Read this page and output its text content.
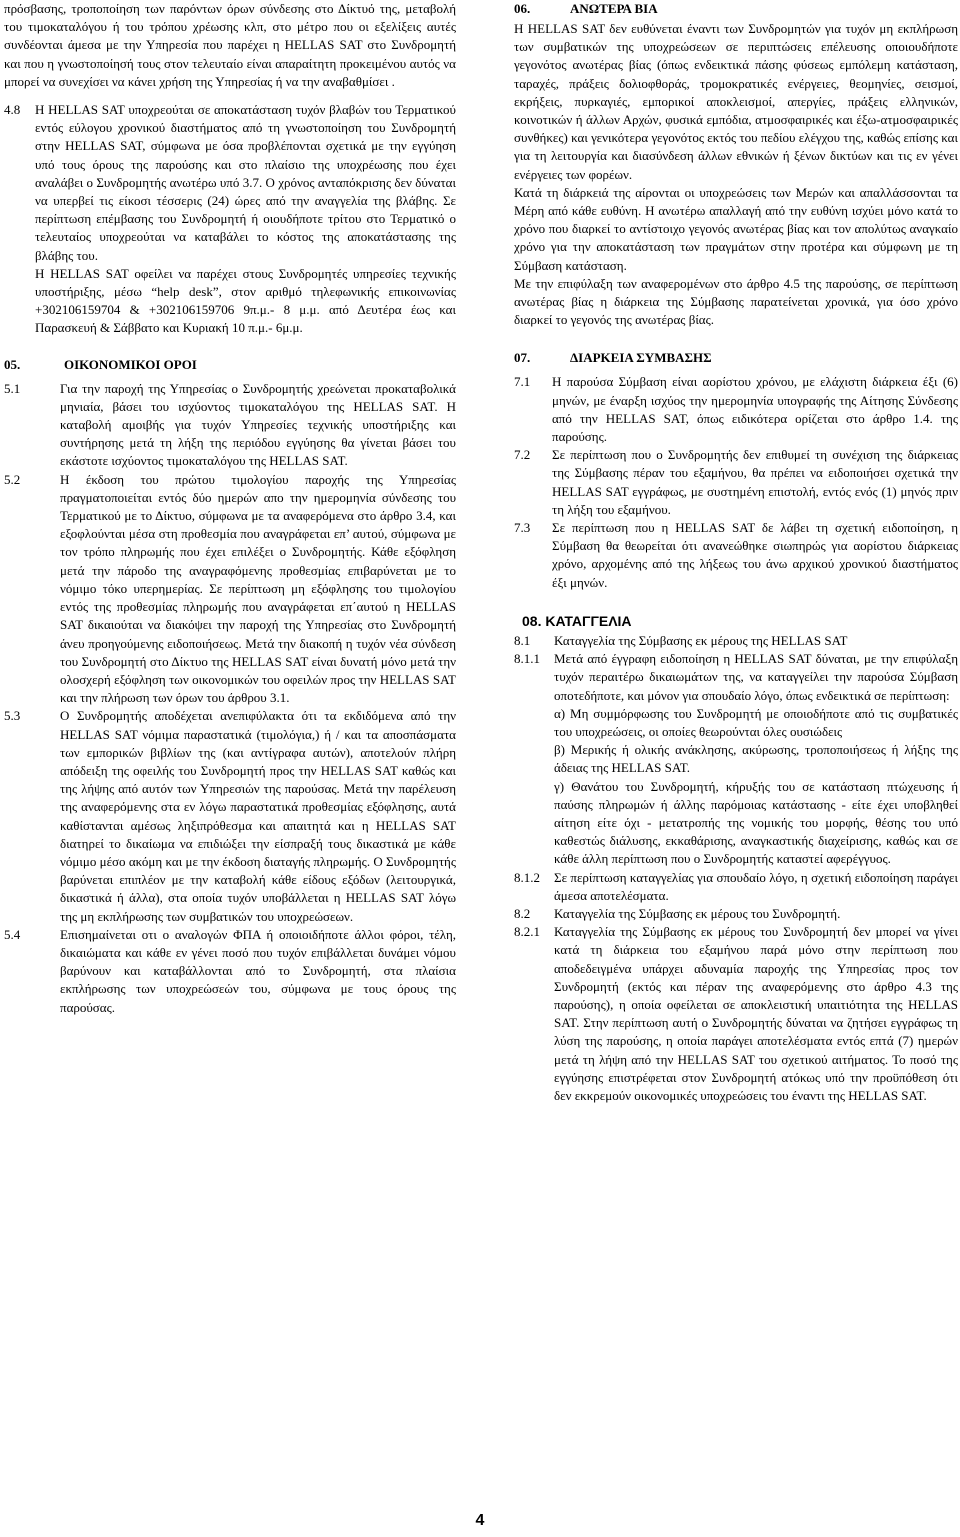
πρόσβασης, τροποποίηση των παρόντων όρων σύνδεσης στο Δίκτυό της, μεταβολή του τιμοκαταλόγου ή του τρόπου χρέωσης κλπ, στο μέτρο που οι εξελίξεις αυτές συνδέονται άμεσα με την Υπηρεσία που παρέχει η HELLAS SAT στο Συνδρομητή και που η γνωστοποίησή τους στον τελευταίο είναι απαραίτητη προκειμένου αυτός να μπορεί να συνεχίσει να κάνει χρήση της Υπηρεσίας ή να την αναβαθμίσει .

4.8 Η HELLAS SAT υποχρεούται σε αποκατάσταση τυχόν βλαβών του Τερματικού εντός εύλογου χρονικού διαστήματος από τη γνωστοποίηση του Συνδρομητή στην HELLAS SAT, σύμφωνα με όσα προβλέπονται σχετικά με την εγγύηση υπό τους όρους της παρούσης και στο πλαίσιο της υποχρέωσης που έχει αναλάβει ο Συνδρομητής ανωτέρω υπό 3.7. Ο χρόνος ανταπόκρισης δεν δύναται να υπερβεί τις είκοσι τέσσερις (24) ώρες από την αναγγελία της βλάβης. Σε περίπτωση επέμβασης του Συνδρομητή ή οιουδήποτε τρίτου στο Τερματικό ο τελευταίος υποχρεούται να καταβάλει το κόστος της αποκατάστασης της βλάβης του.

Η HELLAS SAT οφείλει να παρέχει στους Συνδρομητές υπηρεσίες τεχνικής υποστήριξης, μέσω “help desk”, στον αριθμό τηλεφωνικής επικοινωνίας +302106159704 & +302106159706 9π.μ.- 8 μ.μ. από Δευτέρα έως και Παρασκευή & Σάββατο και Κυριακή 10 π.μ.- 6μ.μ.

05.	ΟΙΚΟΝΟΜΙΚΟΙ ΟΡΟΙ
5.1	Για την παροχή της Υπηρεσίας ο Συνδρομητής χρεώνεται προκαταβολικά μηνιαία, βάσει του ισχύοντος τιμοκαταλόγου της HELLAS SAT. Η καταβολή αμοιβής για τυχόν Υπηρεσίες τεχνικής υποστήριξης και συντήρησης μετά τη λήξη της περιόδου εγγύησης θα γίνεται βάσει του εκάστοτε ισχύοντος τιμοκαταλόγου της HELLAS SAT.

5.2	Η έκδοση του πρώτου τιμολογίου παροχής της Υπηρεσίας πραγματοποιείται εντός δύο ημερών απο την ημερομηνία σύνδεσης του Τερματικού με το Δίκτυο, σύμφωνα με τα αναφερόμενα στο άρθρο 3.4, και εξοφλούνται μέσα στη προθεσμία που αναγράφεται επ’ αυτού, σύμφωνα με τον τρόπο πληρωμής που έχει επιλέξει ο Συνδρομητής. Κάθε εξόφληση μετά την πάροδο της αναγραφόμενης προθεσμίας επιβαρύνεται με το νόμιμο τόκο υπερημερίας. Σε περίπτωση μη εξόφλησης του τιμολογίου εντός της προθεσμίας πληρωμής που αναγράφεται επ΄αυτού η HELLAS SAT δικαιούται να διακόψει την παροχή της Υπηρεσίας στο Συνδρομητή άνευ προηγούμενης ειδοποιήσεως. Μετά την διακοπή η τυχόν νέα σύνδεση του Συνδρομητή στο Δίκτυο της HELLAS SAT είναι δυνατή μόνο μετά την ολοσχερή εξόφληση των οικονομικών του οφειλών προς την HELLAS SAT και την πλήρωση των όρων του άρθρου 3.1.

5.3	Ο Συνδρομητής αποδέχεται ανεπιφύλακτα ότι τα εκδιδόμενα από την HELLAS SAT νόμιμα παραστατικά (τιμολόγια,) ή / και τα αποσπάσματα των εμπορικών βιβλίων της (και αντίγραφα αυτών), αποτελούν πλήρη απόδειξη της οφειλής του Συνδρομητή προς την HELLAS SAT καθώς και της λήψης από αυτόν των Υπηρεσιών της παρούσας. Μετά την παρέλευση της αναφερόμενης στα εν λόγω παραστατικά προθεσμίας εξόφλησης, αυτά καθίστανται αμέσως ληξιπρόθεσμα και απαιτητά και η HELLAS SAT διατηρεί το δικαίωμα να επιδιώξει την είσπραξή τους δικαστικά με κάθε νόμιμο μέσο ακόμη και με την έκδοση διαταγής πληρωμής. Ο Συνδρομητής βαρύνεται επιπλέον με την καταβολή κάθε είδους εξόδων (λειτουργικά, δικαστικά ή άλλα), στα οποία τυχόν υποβάλλεται η HELLAS SAT λόγω της μη εκπλήρωσης των συμβατικών του υποχρεώσεων.

5.4	Επισημαίνεται οτι ο αναλογών ΦΠΑ ή οποιοιδήποτε άλλοι φόροι, τέλη, δικαιώματα και κάθε εν γένει ποσό που τυχόν επιβάλλεται δυνάμει νόμου βαρύνουν και καταβάλλονται από το Συνδρομητή, στα πλαίσια εκπλήρωσης των υποχρεώσεών του, σύμφωνα με τους όρους της παρούσας.

06.	ΑΝΩΤΕΡΑ ΒΙΑ

Η HELLAS SAT δεν ευθύνεται έναντι των Συνδρομητών για τυχόν μη εκπλήρωση των συμβατικών της υποχρεώσεων σε περιπτώσεις επέλευσης οποιουδήποτε γεγονότος ανωτέρας βίας (όπως ενδεικτικά πάσης φύσεως εμπόλεμη κατάσταση, ταραχές, πράξεις δολιοφθοράς, τρομοκρατικές ενέργειες, θεομηνίες, σεισμοί, εκρήξεις, πυρκαγιές, εμπορικοί αποκλεισμοί, απεργίες, πράξεις ελληνικών, κοινοτικών ή άλλων Αρχών, φυσικά εμπόδια, ατμοσφαιρικές και έξω-ατμοσφαιρικές συνθήκες) και γενικότερα γεγονότος εκτός του πεδίου ελέγχου της, καθώς επίσης και για τη λειτουργία και διασύνδεση άλλων εθνικών ή ξένων δικτύων και τις εν γένει ενέργειες των φορέων.

Κατά τη διάρκειά της αίρονται οι υποχρεώσεις των Μερών και απαλλάσσονται τα Μέρη από κάθε ευθύνη. Η ανωτέρω απαλλαγή από την ευθύνη ισχύει μόνο κατά το χρόνο που διαρκεί το αντίστοιχο γεγονός ανωτέρας βίας και τον απολύτως αναγκαίο χρόνο για την αποκατάσταση των πραγμάτων στην προτέρα και σύμφωνη με τη Σύμβαση κατάσταση.

Με την επιφύλαξη των αναφερομένων στο άρθρο 4.5 της παρούσης, σε περίπτωση ανωτέρας βίας η διάρκεια της Σύμβασης παρατείνεται χρονικά, για όσο χρόνο διαρκεί το γεγονός της ανωτέρας βίας.

07.	ΔΙΑΡΚΕΙΑ ΣΥΜΒΑΣΗΣ
7.1 Η παρούσα Σύμβαση είναι αορίστου χρόνου, με ελάχιστη διάρκεια έξι (6) μηνών, με έναρξη ισχύος την ημερομηνία υπογραφής της Αίτησης Σύνδεσης από την HELLAS SAT, όπως ειδικότερα ορίζεται στο άρθρο 1.4. της παρούσης.

7.2 Σε περίπτωση που ο Συνδρομητής δεν επιθυμεί τη συνέχιση της διάρκειας της Σύμβασης πέραν του εξαμήνου, θα πρέπει να ειδοποιήσει σχετικά την HELLAS SAT εγγράφως, με συστημένη επιστολή, εντός ενός (1) μηνός πριν τη λήξη του εξαμήνου.

7.3 Σε περίπτωση που η HELLAS SAT δε λάβει τη σχετική ειδοποίηση, η Σύμβαση θα θεωρείται ότι ανανεώθηκε σιωπηρώς για αορίστου διάρκειας χρόνο, αρχομένης από της λήξεως του άνω αρχικού χρονικού διαστήματος έξι μηνών.

08. ΚΑΤΑΓΓΕΛΙΑ
8.1 Καταγγελία της Σύμβασης εκ μέρους της HELLAS SAT

8.1.1 Μετά από έγγραφη ειδοποίηση η HELLAS SAT δύναται, με την επιφύλαξη τυχόν περαιτέρω δικαιωμάτων της, να καταγγείλει την παρούσα Σύμβαση οποτεδήποτε, και μόνον για σπουδαίο λόγο, όπως ενδεικτικά σε περίπτωση:

α) Μη συμμόρφωσης του Συνδρομητή με οποιοδήποτε από τις συμβατικές του υποχρεώσεις, οι οποίες θεωρούνται όλες ουσιώδεις

β) Μερικής ή ολικής ανάκλησης, ακύρωσης, τροποποιήσεως ή λήξης της άδειας της HELLAS SAT.

γ) Θανάτου του Συνδρομητή, κήρυξής του σε κατάσταση πτώχευσης ή παύσης πληρωμών ή άλλης παρόμοιας κατάστασης - είτε έχει υποβληθεί αίτηση είτε όχι - μετατροπής της νομικής του μορφής, θέσης του υπό καθεστώς διάλυσης, εκκαθάρισης, αναγκαστικής διαχείρισης, καθώς και σε κάθε άλλη περίπτωση που ο Συνδρομητής καταστεί αφερέγγυος.

8.1.2 Σε περίπτωση καταγγελίας για σπουδαίο λόγο, η σχετική ειδοποίηση παράγει άμεσα αποτελέσματα.

8.2 Καταγγελία της Σύμβασης εκ μέρους του Συνδρομητή.

8.2.1 Καταγγελία της Σύμβασης εκ μέρους του Συνδρομητή δεν μπορεί να γίνει κατά τη διάρκεια του εξαμήνου παρά μόνο στην περίπτωση που αποδεδειγμένα υπάρχει αδυναμία παροχής της Υπηρεσίας προς τον Συνδρομητή (εκτός και πέραν της αναφερόμενης στο άρθρο 4.3 της παρούσης), η οποία οφείλεται σε αποκλειστική υπαιτιότητα της HELLAS SAT. Στην περίπτωση αυτή ο Συνδρομητής δύναται να ζητήσει εγγράφως τη λύση της παρούσης, η οποία παράγει αποτελέσματα εντός επτά (7) ημερών μετά τη λήψη από την HELLAS SAT του σχετικού αιτήματος. Το ποσό της εγγύησης επιστρέφεται στον Συνδρομητή ατόκως υπό την προϋπόθεση ότι δεν εκκρεμούν οικονομικές υποχρεώσεις του έναντι της HELLAS SAT.

4
